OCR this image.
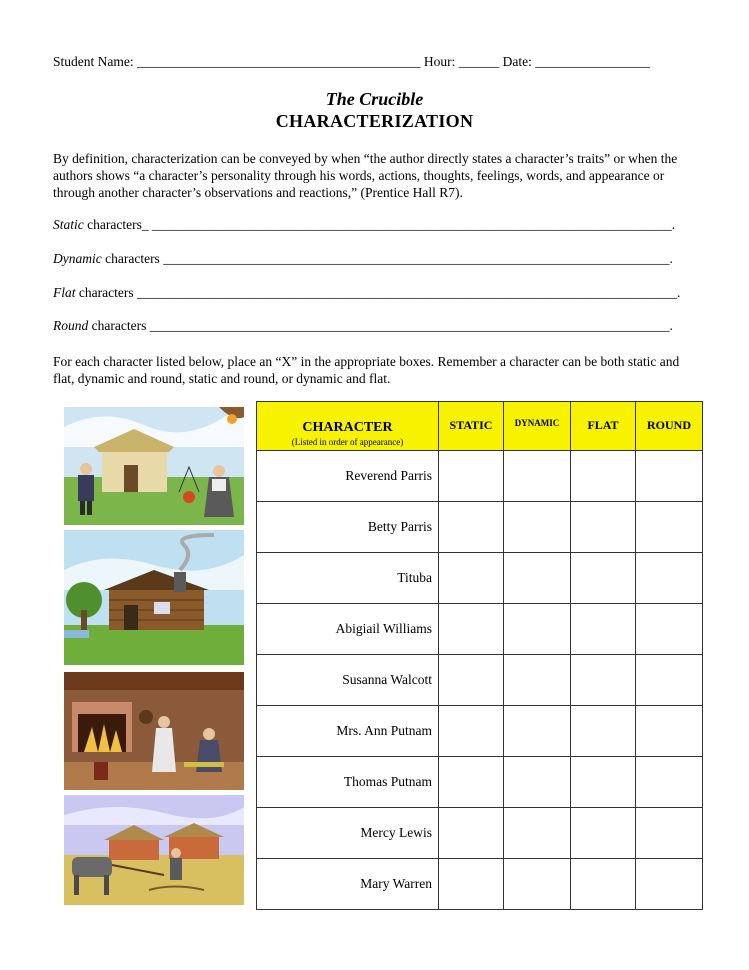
Student Name: __________________________________________ Hour: ______ Date: _________________
The Crucible
CHARACTERIZATION
By definition, characterization can be conveyed by when “the author directly states a character’s traits” or when the authors shows “a character’s personality through his words, actions, thoughts, feelings, words, and appearance or through another character’s observations and reactions,” (Prentice Hall R7).
Static characters_ _____________________________________________________________________________.
Dynamic characters ___________________________________________________________________________.
Flat characters ________________________________________________________________________________.
Round characters _____________________________________________________________________________.
For each character listed below, place an “X” in the appropriate boxes. Remember a character can be both static and flat, dynamic and round, static and round, or dynamic and flat.
CHARACTER
(Listed in order of appearance)	STATIC	DYNAMIC	FLAT	ROUND

Reverend Parris				
Betty Parris				
Tituba				
Abigiail Williams				
Susanna Walcott				
Mrs. Ann Putnam				
Thomas Putnam				
Mercy Lewis				
Mary Warren				
